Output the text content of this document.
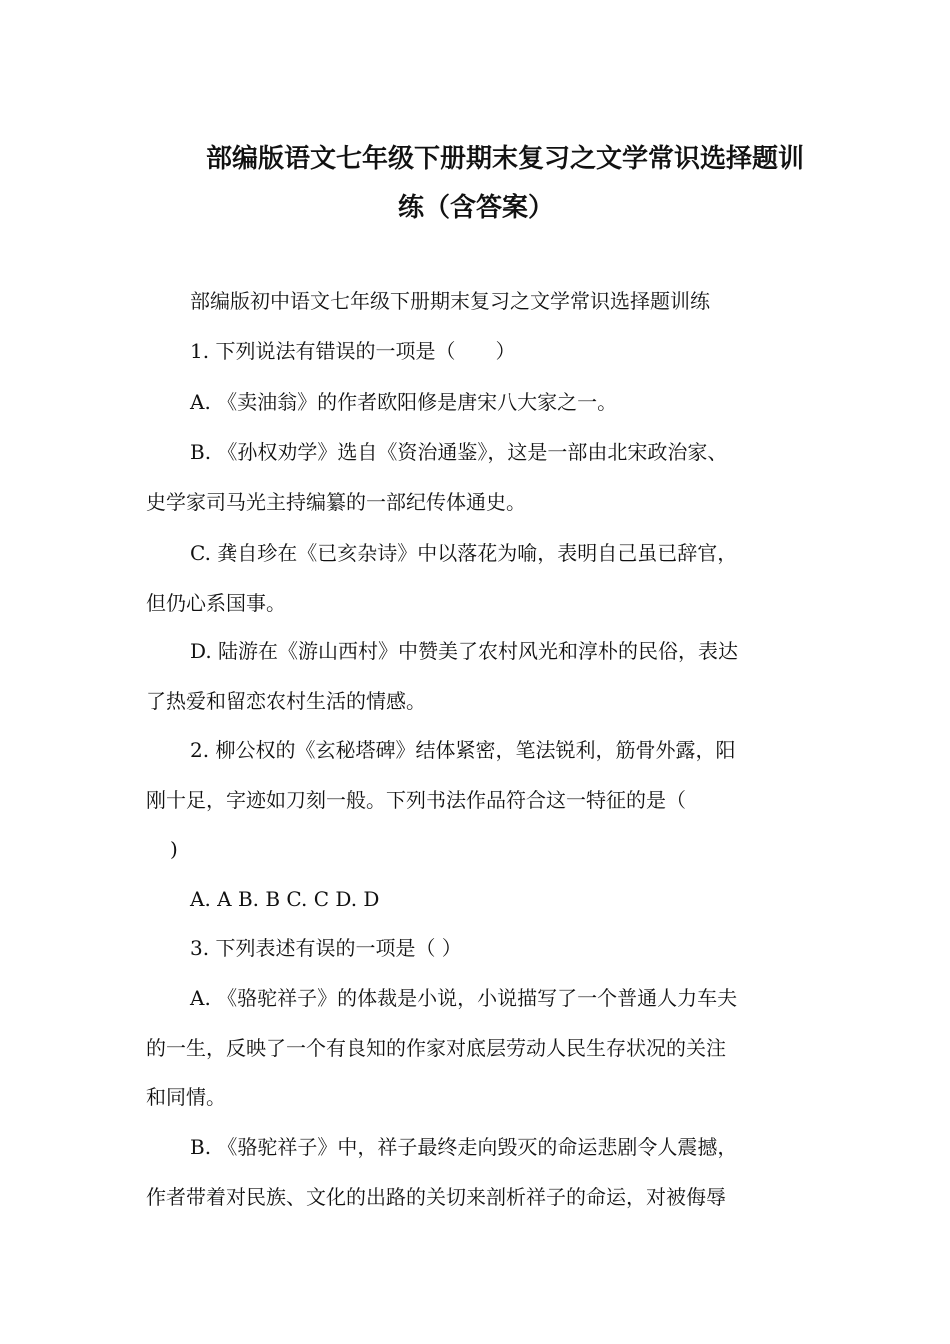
部编版语文七年级下册期末复习之文学常识选择题训
练（含答案）
部编版初中语文七年级下册期末复习之文学常识选择题训练
1. 下列说法有错误的一项是（　　）
A. 《卖油翁》的作者欧阳修是唐宋八大家之一。
B. 《孙权劝学》选自《资治通鉴》，这是一部由北宋政治家、
史学家司马光主持编纂的一部纪传体通史。
C. 龚自珍在《已亥杂诗》中以落花为喻，表明自己虽已辞官，
但仍心系国事。
D. 陆游在《游山西村》中赞美了农村风光和淳朴的民俗，表达
了热爱和留恋农村生活的情感。
2. 柳公权的《玄秘塔碑》结体紧密，笔法锐利，筋骨外露，阳
刚十足，字迹如刀刻一般。下列书法作品符合这一特征的是（
)
A. A B. B C. C D. D
3. 下列表述有误的一项是（ ）
A. 《骆驼祥子》的体裁是小说，小说描写了一个普通人力车夫
的一生，反映了一个有良知的作家对底层劳动人民生存状况的关注
和同情。
B. 《骆驼祥子》中，祥子最终走向毁灭的命运悲剧令人震撼，
作者带着对民族、文化的出路的关切来剖析祥子的命运，对被侮辱
